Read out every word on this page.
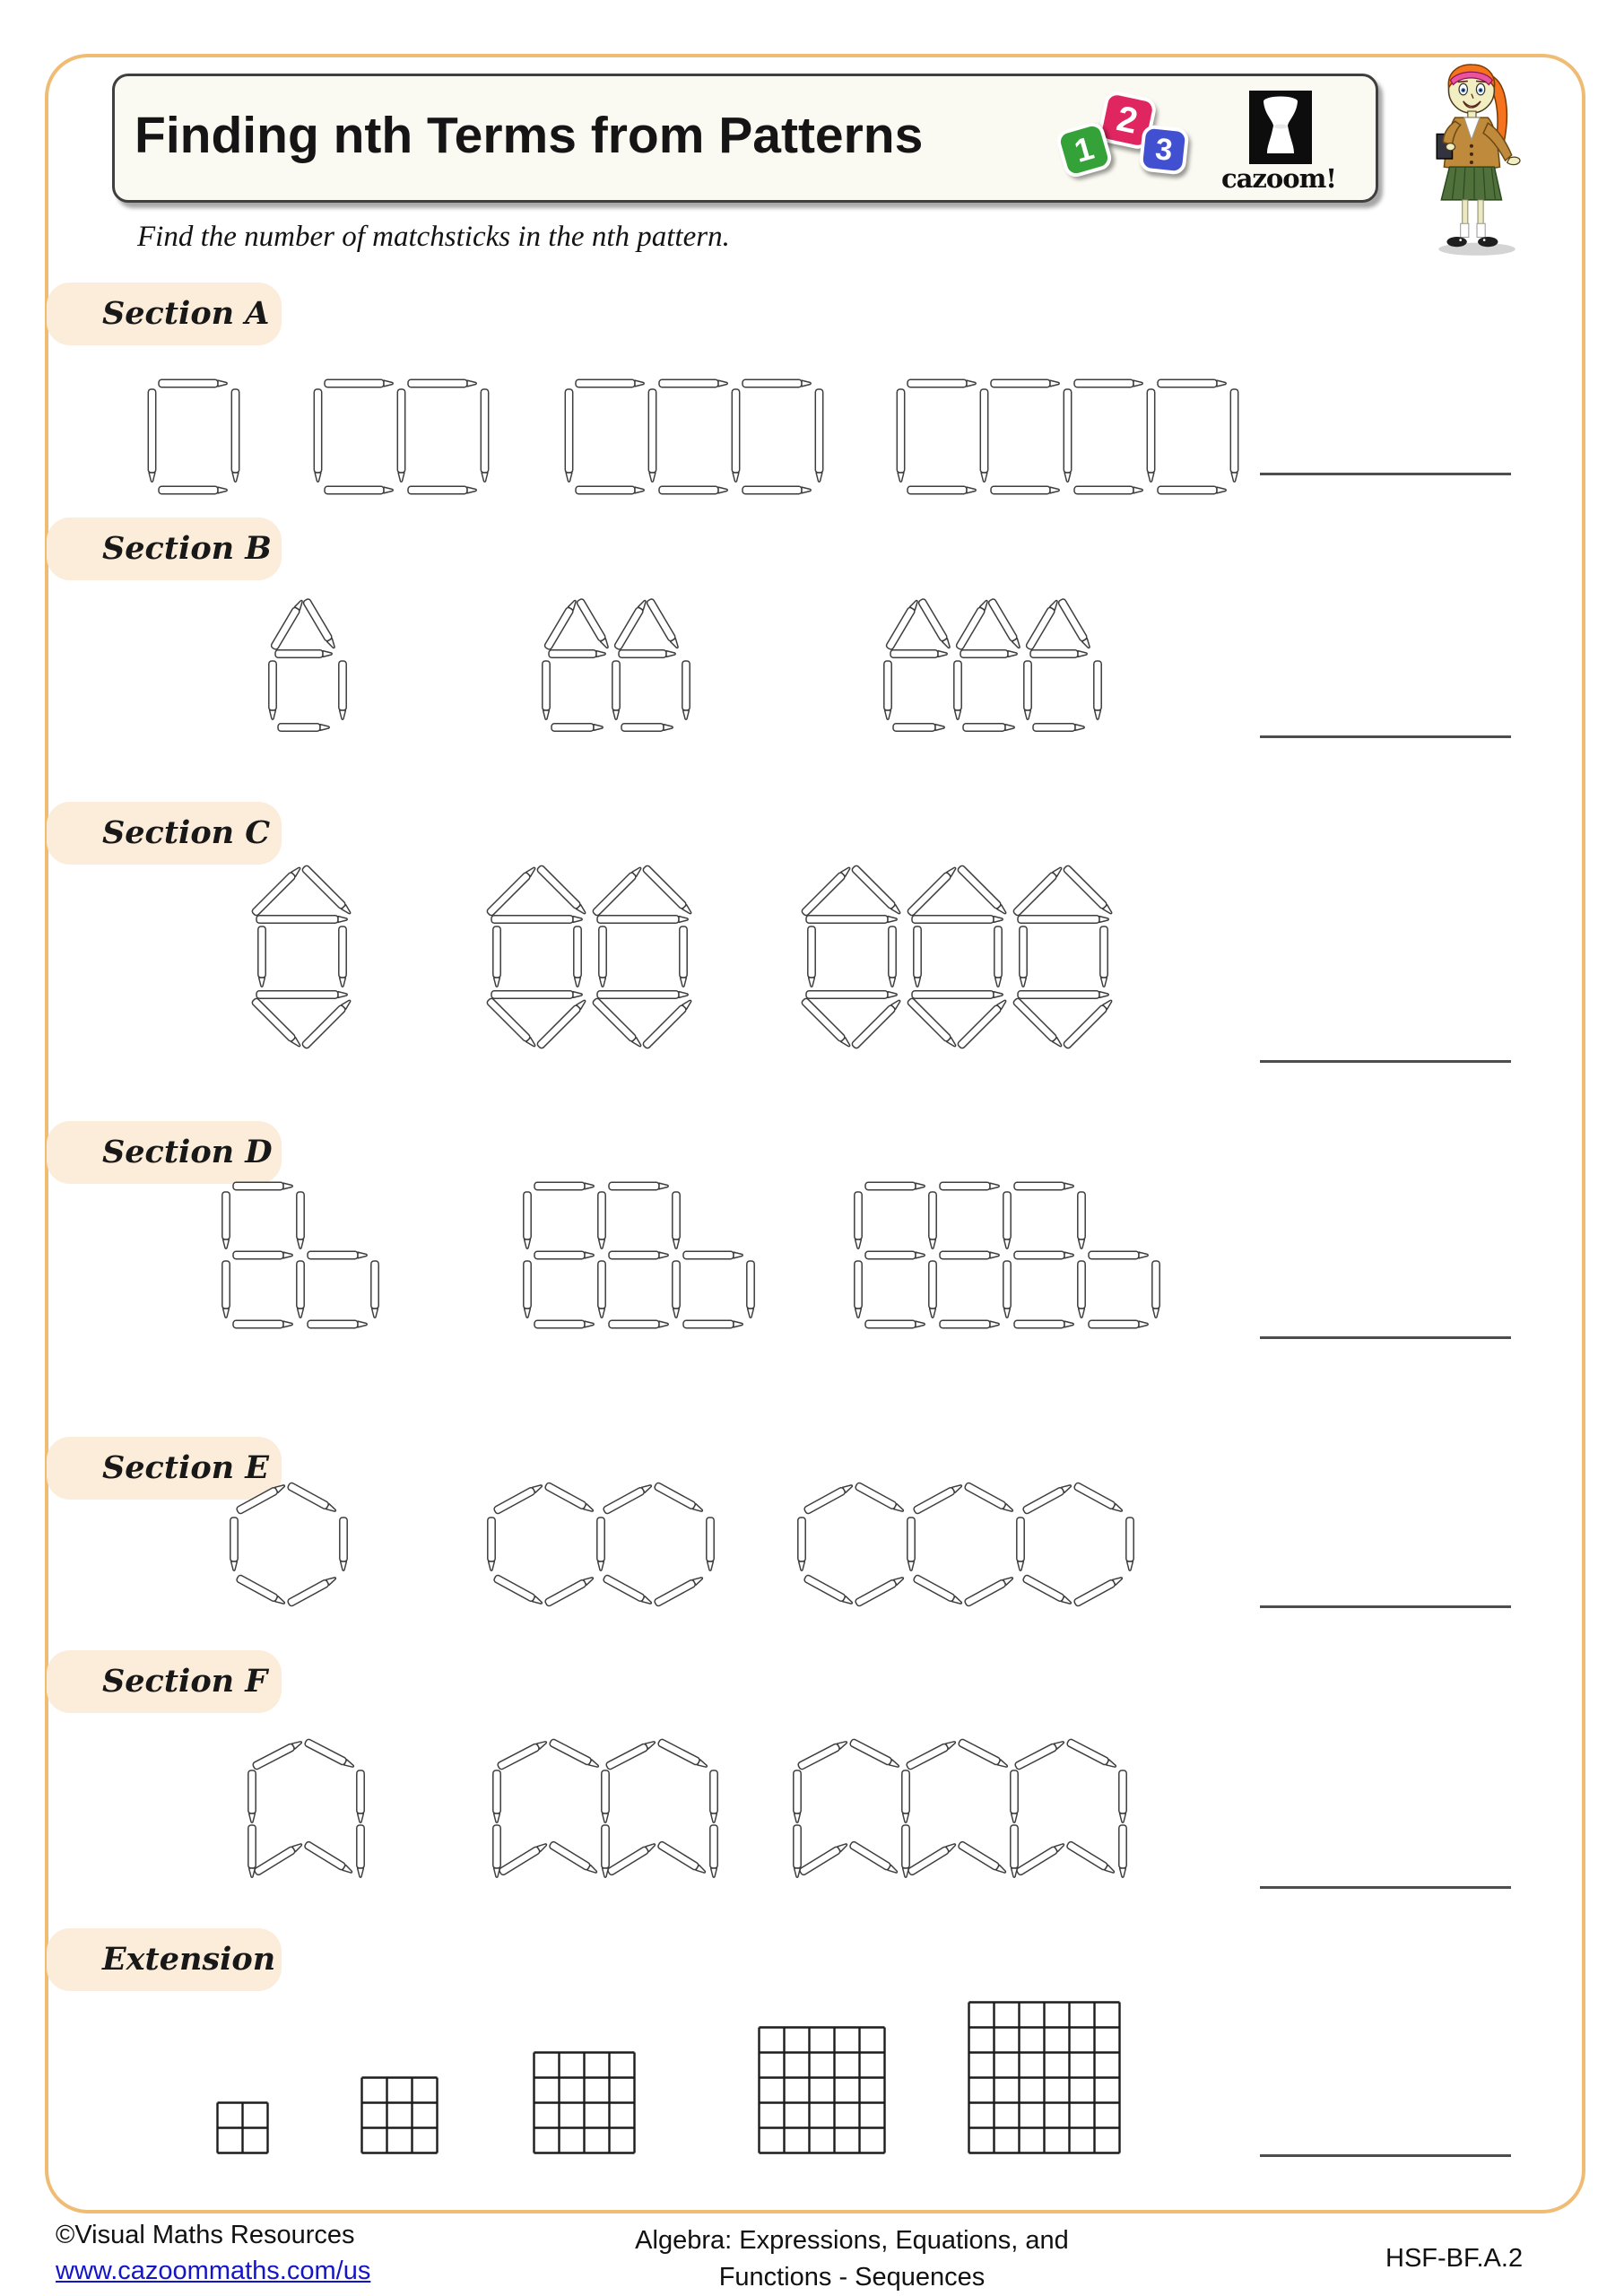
Finding nth Terms from Patterns	2
1 3
cazoom!
Find the number of matchsticks in the nth pattern.
Section A
Section B
Section C
Section D
Section E
Section F
Extension
©Visual Maths Resources
www.cazoommaths.com/us
Algebra: Expressions, Equations, and
Functions - Sequences
HSF-BF.A.2
